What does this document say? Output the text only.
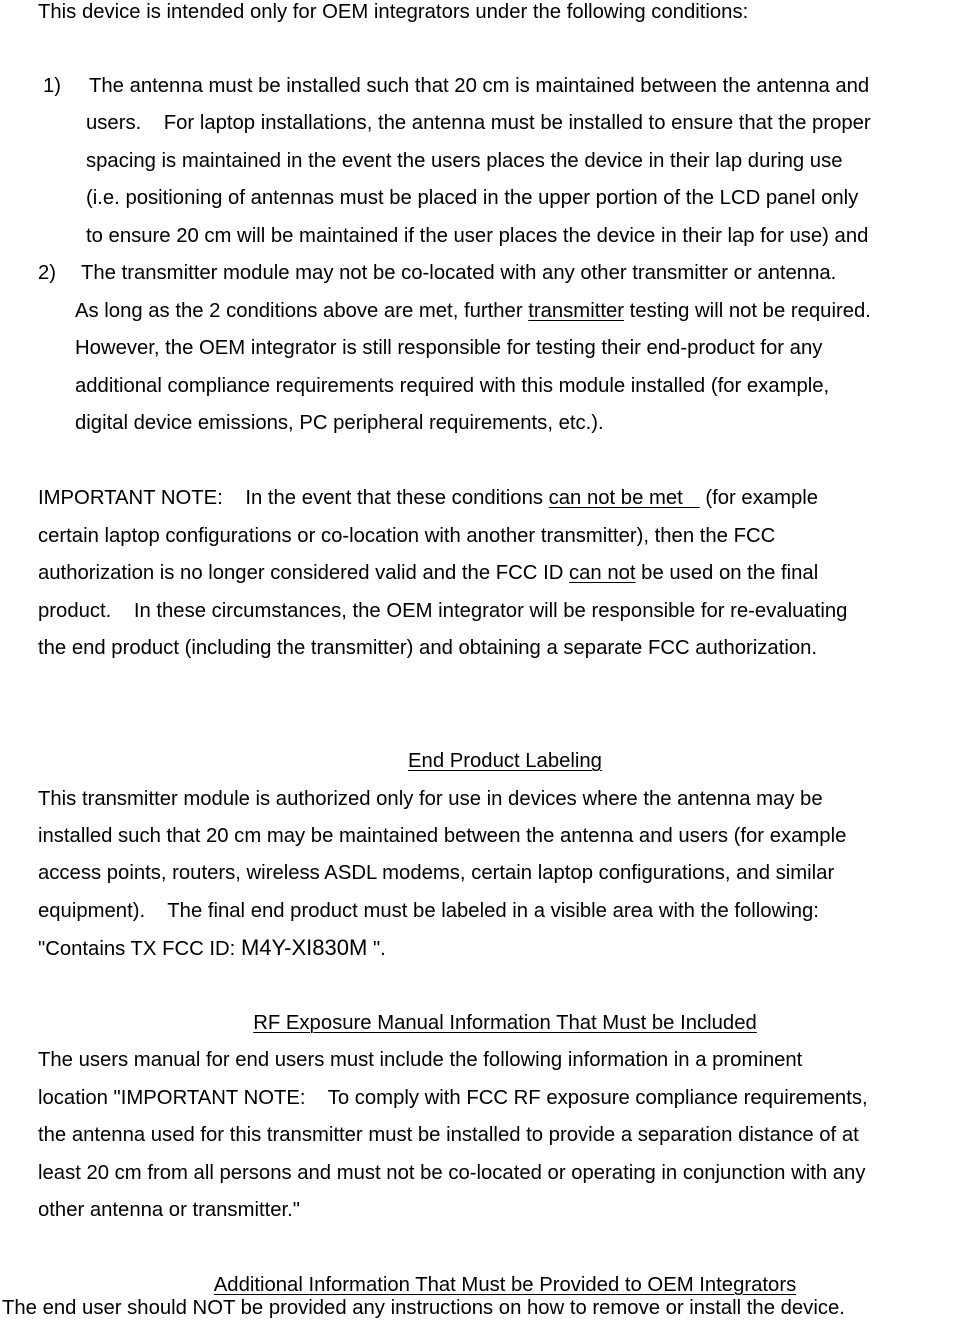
This device is intended only for OEM integrators under the following conditions:
1) The antenna must be installed such that 20 cm is maintained between the antenna and
users.    For laptop installations, the antenna must be installed to ensure that the proper
spacing is maintained in the event the users places the device in their lap during use
(i.e. positioning of antennas must be placed in the upper portion of the LCD panel only
to ensure 20 cm will be maintained if the user places the device in their lap for use) and
2) The transmitter module may not be co-located with any other transmitter or antenna.
As long as the 2 conditions above are met, further transmitter testing will not be required.
However, the OEM integrator is still responsible for testing their end-product for any
additional compliance requirements required with this module installed (for example,
digital device emissions, PC peripheral requirements, etc.).
IMPORTANT NOTE:    In the event that these conditions can not be met    (for example
certain laptop configurations or co-location with another transmitter), then the FCC
authorization is no longer considered valid and the FCC ID can not be used on the final
product.    In these circumstances, the OEM integrator will be responsible for re-evaluating
the end product (including the transmitter) and obtaining a separate FCC authorization.
End Product Labeling
This transmitter module is authorized only for use in devices where the antenna may be
installed such that 20 cm may be maintained between the antenna and users (for example
access points, routers, wireless ASDL modems, certain laptop configurations, and similar
equipment).    The final end product must be labeled in a visible area with the following:
"Contains TX FCC ID: M4Y-XI830M ".
RF Exposure Manual Information That Must be Included
The users manual for end users must include the following information in a prominent
location "IMPORTANT NOTE:    To comply with FCC RF exposure compliance requirements,
the antenna used for this transmitter must be installed to provide a separation distance of at
least 20 cm from all persons and must not be co-located or operating in conjunction with any
other antenna or transmitter."
Additional Information That Must be Provided to OEM Integrators
The end user should NOT be provided any instructions on how to remove or install the device.
